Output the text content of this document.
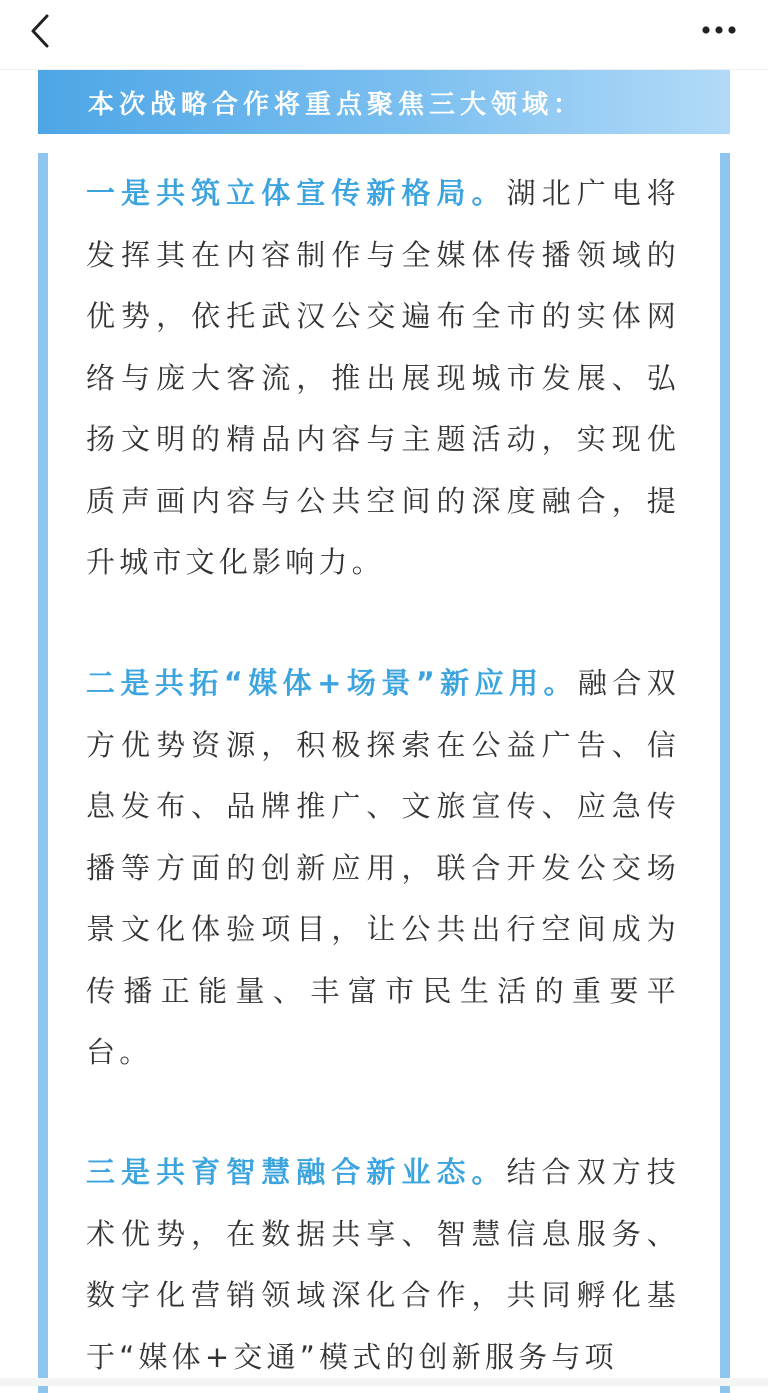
本次战略合作将重点聚焦三大领域：

一是共筑立体宣传新格局。湖北广电将发挥其在内容制作与全媒体传播领域的优势，依托武汉公交遍布全市的实体网络与庞大客流，推出展现城市发展、弘扬文明的精品内容与主题活动，实现优质声画内容与公共空间的深度融合，提升城市文化影响力。

二是共拓“媒体+场景”新应用。融合双方优势资源，积极探索在公益广告、信息发布、品牌推广、文旅宣传、应急传播等方面的创新应用，联合开发公交场景文化体验项目，让公共出行空间成为传播正能量、丰富市民生活的重要平台。

三是共育智慧融合新业态。结合双方技术优势，在数据共享、智慧信息服务、数字化营销领域深化合作，共同孵化基于“媒体+交通”模式的创新服务与项
